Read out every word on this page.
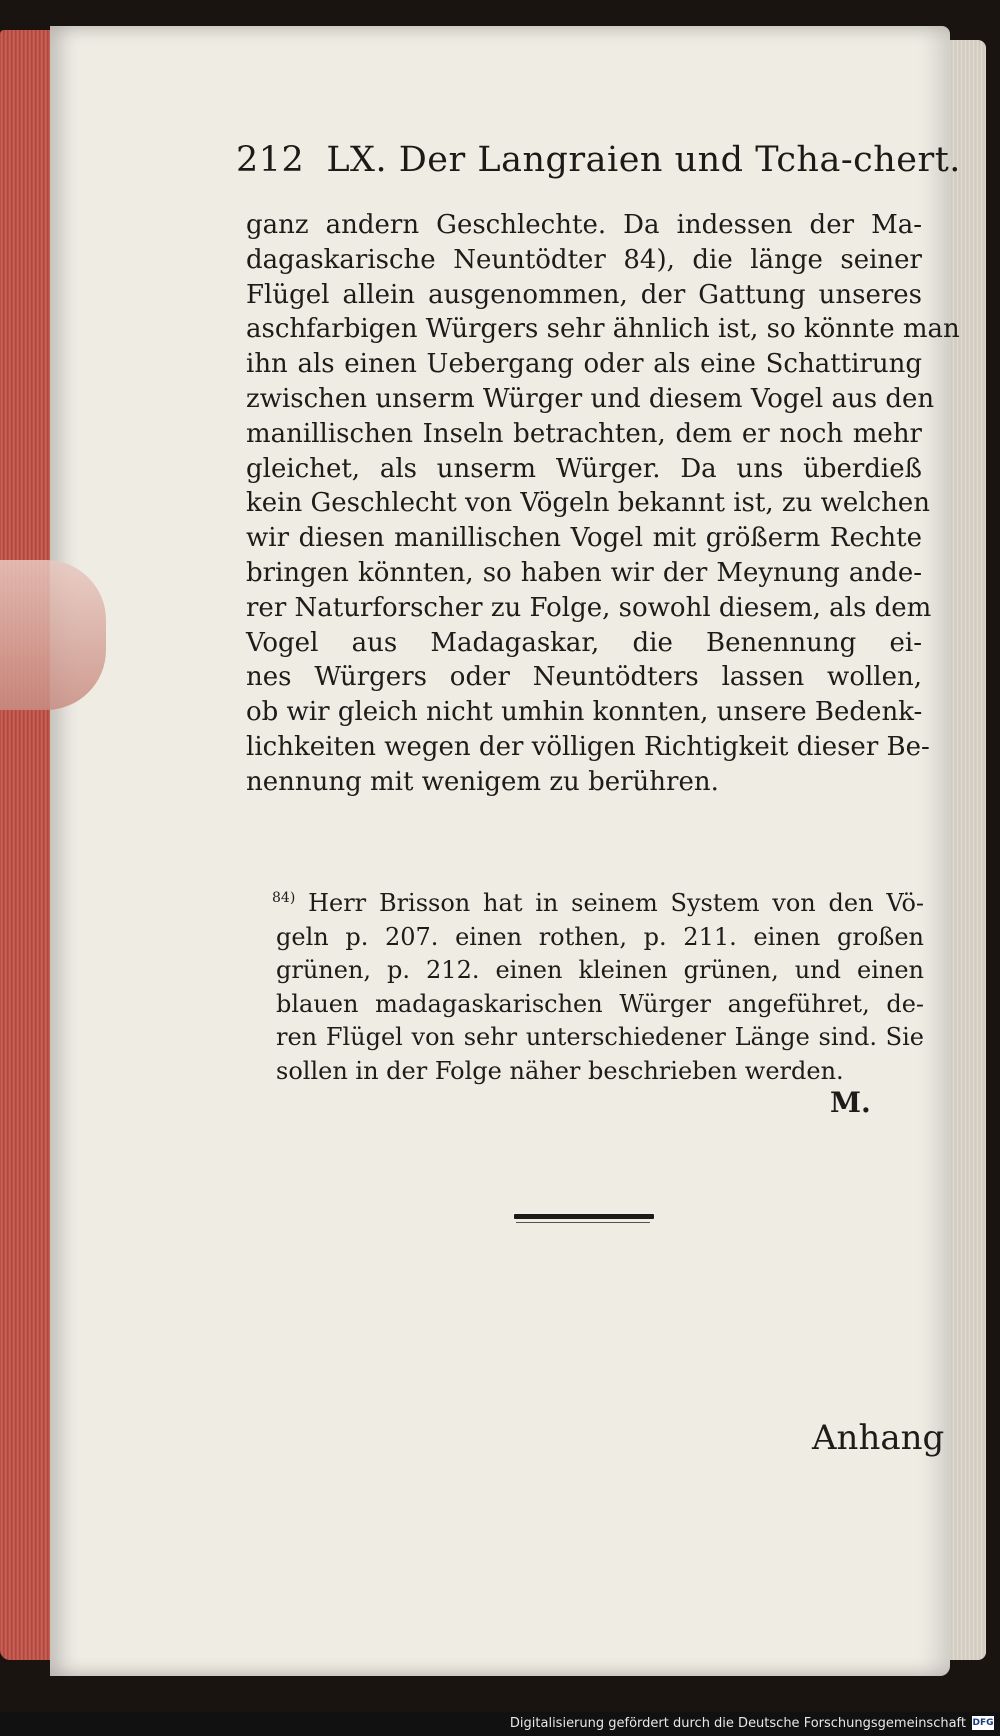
212 LX. Der Langraien und Tcha-chert.
ganz andern Geschlechte. Da indessen der Ma-
dagaskarische Neuntödter 84), die länge seiner
Flügel allein ausgenommen, der Gattung unseres
aschfarbigen Würgers sehr ähnlich ist, so könnte man
ihn als einen Uebergang oder als eine Schattirung
zwischen unserm Würger und diesem Vogel aus den
manillischen Inseln betrachten, dem er noch mehr
gleichet, als unserm Würger. Da uns überdieß
kein Geschlecht von Vögeln bekannt ist, zu welchen
wir diesen manillischen Vogel mit größerm Rechte
bringen könnten, so haben wir der Meynung ande-
rer Naturforscher zu Folge, sowohl diesem, als dem
Vogel aus Madagaskar, die Benennung ei-
nes Würgers oder Neuntödters lassen wollen,
ob wir gleich nicht umhin konnten, unsere Bedenk-
lichkeiten wegen der völligen Richtigkeit dieser Be-
nennung mit wenigem zu berühren.
$^{84)}$ Herr Brisson hat in seinem System von den Vö-
geln p. 207. einen rothen, p. 211. einen großen
grünen, p. 212. einen kleinen grünen, und einen
blauen madagaskarischen Würger angeführet, de-
ren Flügel von sehr unterschiedener Länge sind. Sie
sollen in der Folge näher beschrieben werden.
M.
Anhang
Digitalisierung gefördert durch die Deutsche Forschungsgemeinschaft DFG
